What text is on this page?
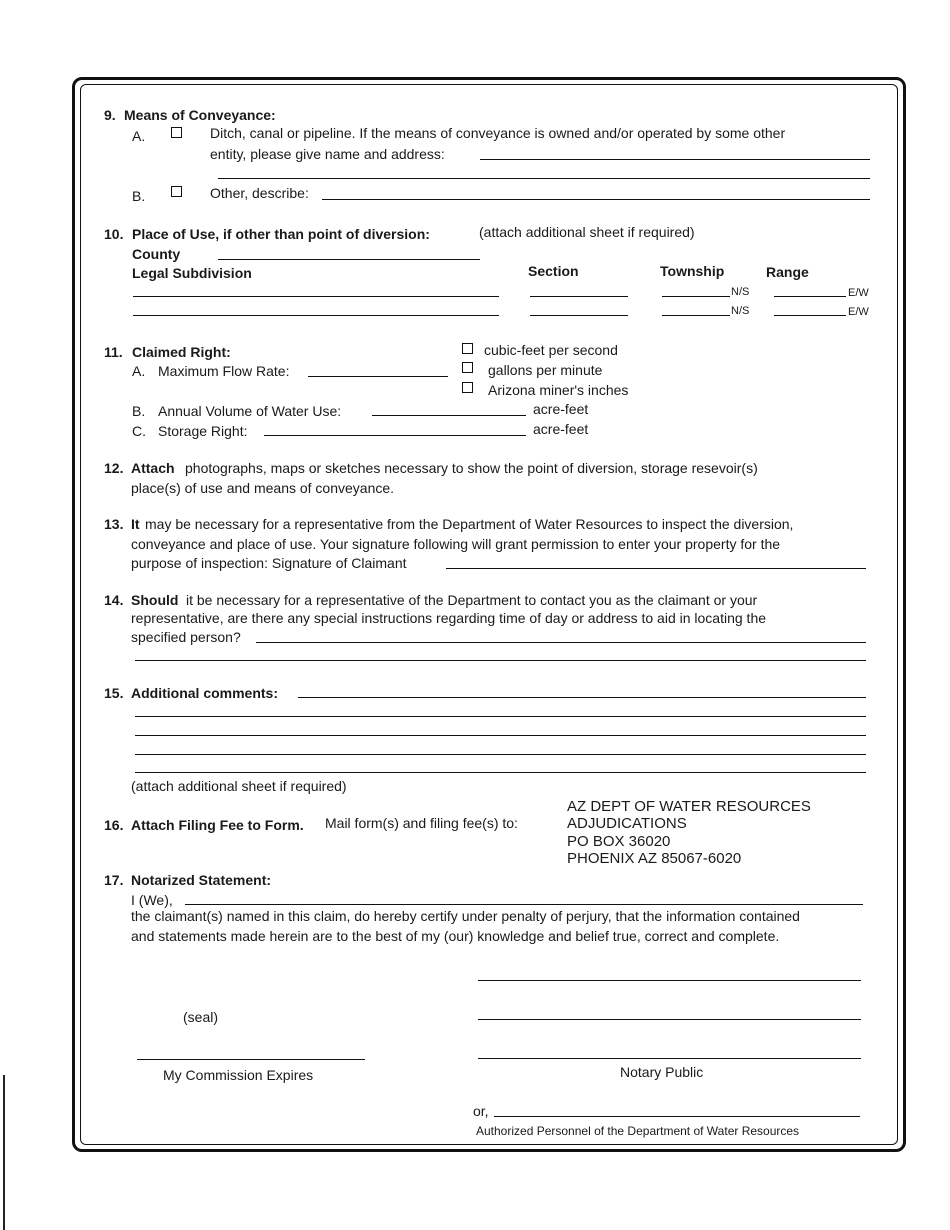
9. Means of Conveyance:
A.	Ditch, canal or pipeline. If the means of conveyance is owned and/or operated by some other
entity, please give name and address:
B.	Other, describe:
10. Place of Use, if other than point of diversion:	(attach additional sheet if required)
County
Legal Subdivision	Section	Township	Range
N/S	E/W
N/S	E/W
11. Claimed Right:	cubic-feet per second
A. Maximum Flow Rate:	gallons per minute
Arizona miner's inches
B. Annual Volume of Water Use:	acre-feet
C. Storage Right:	acre-feet
12. Attach photographs, maps or sketches necessary to show the point of diversion, storage resevoir(s)
place(s) of use and means of conveyance.
13. It may be necessary for a representative from the Department of Water Resources to inspect the diversion,
conveyance and place of use. Your signature following will grant permission to enter your property for the
purpose of inspection: Signature of Claimant
14. Should it be necessary for a representative of the Department to contact you as the claimant or your
representative, are there any special instructions regarding time of day or address to aid in locating the
specified person?
15. Additional comments:
(attach additional sheet if required)
16. Attach Filing Fee to Form. Mail form(s) and filing fee(s) to:
AZ DEPT OF WATER RESOURCES
ADJUDICATIONS
PO BOX 36020
PHOENIX AZ 85067-6020
17. Notarized Statement:
I (We),
the claimant(s) named in this claim, do hereby certify under penalty of perjury, that the information contained
and statements made herein are to the best of my (our) knowledge and belief true, correct and complete.
(seal)
My Commission Expires	Notary Public
or,
Authorized Personnel of the Department of Water Resources
